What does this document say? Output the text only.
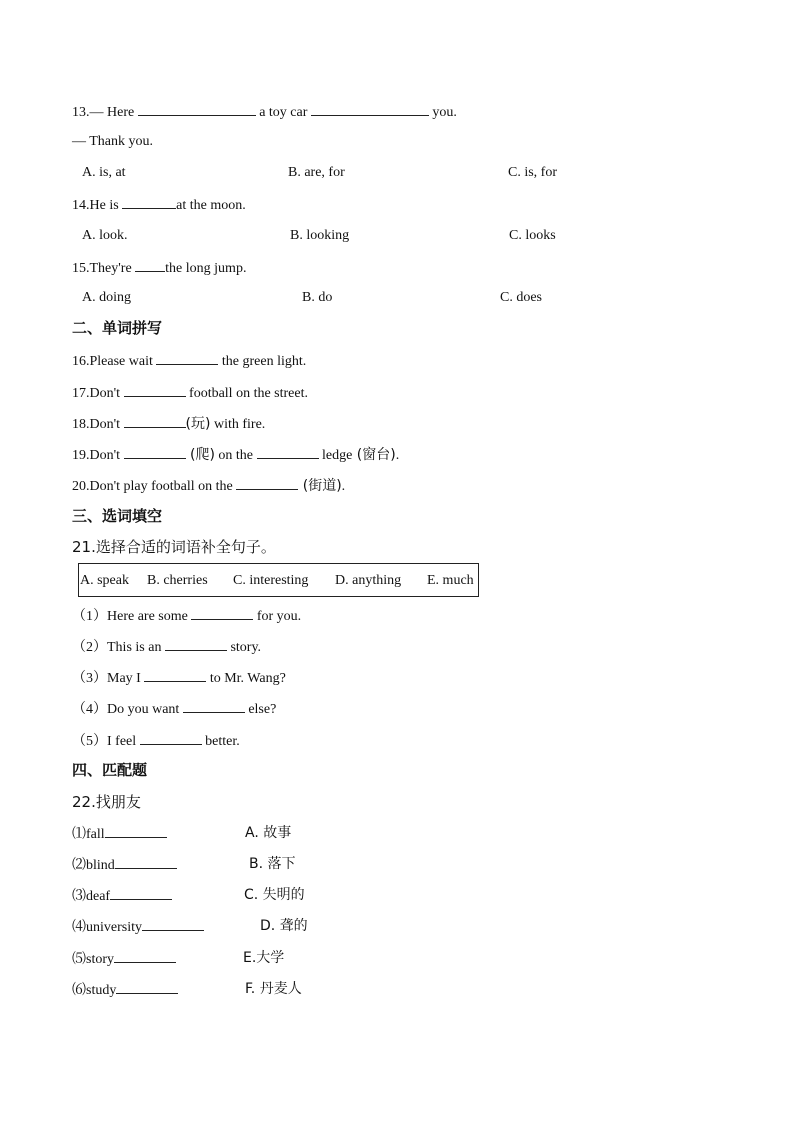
13.— Here	a toy car	you.
— Thank you.
A. is, at	B. are, for	C. is, for
14.He is	at the moon.
A. look.	B. looking	C. looks
15.They're the long jump.
A. doing	B. do	C. does
二、单词拼写
16.Please wait	the green light.
17.Don't	football on the street.
18.Don't	(玩) with fire.
19.Don't	(爬) on the	ledge (窗台).
20.Don't play football on the	(街道).
三、选词填空
21.选择合适的词语补全句子。
A. speak B. cherries C. interesting D. anything E. much
（1）Here are some	for you.
（2）This is an	story.
（3）May I	to Mr. Wang?
（4）Do you want	else?
（5）I feel	better.
四、匹配题
22.找朋友
⑴fall	A. 故事
⑵blind	B. 落下
⑶deaf	C. 失明的
⑷university	D. 聋的
⑸story	E.大学
⑹study	F. 丹麦人
